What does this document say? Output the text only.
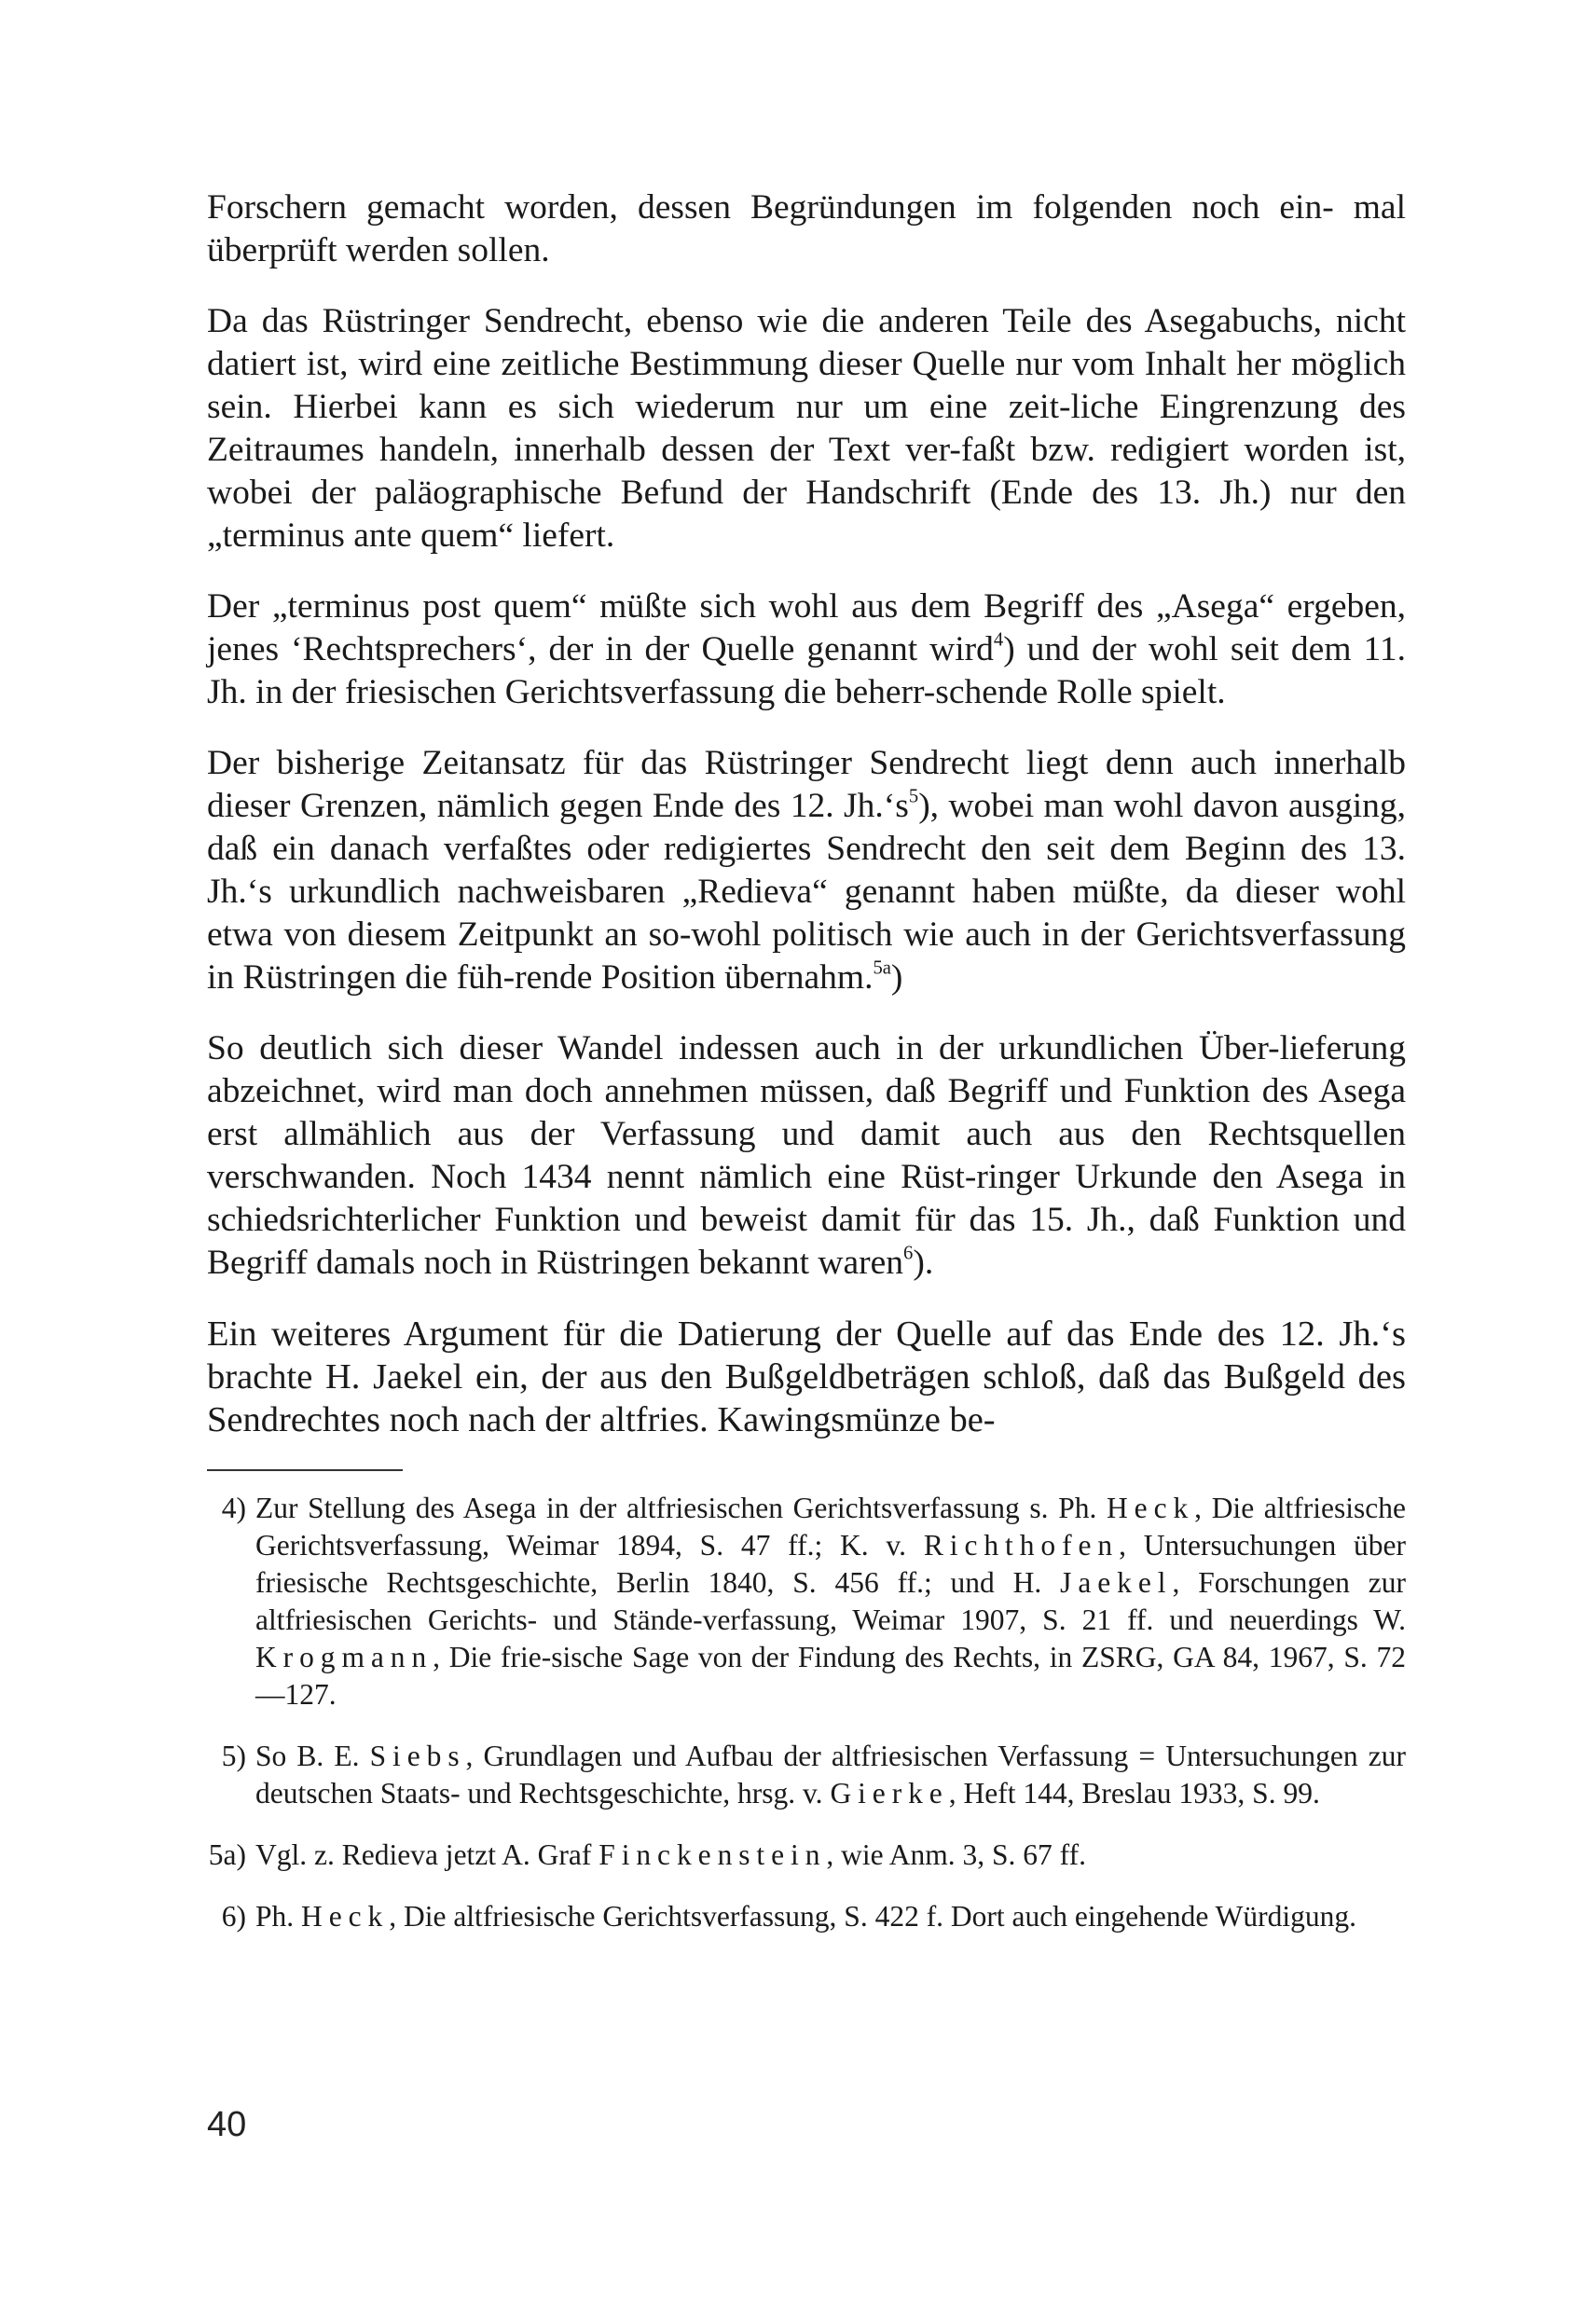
Forschern gemacht worden, dessen Begründungen im folgenden noch ein- mal überprüft werden sollen.

Da das Rüstringer Sendrecht, ebenso wie die anderen Teile des Asegabuchs, nicht datiert ist, wird eine zeitliche Bestimmung dieser Quelle nur vom Inhalt her möglich sein. Hierbei kann es sich wiederum nur um eine zeit-liche Eingrenzung des Zeitraumes handeln, innerhalb dessen der Text ver-faßt bzw. redigiert worden ist, wobei der paläographische Befund der Handschrift (Ende des 13. Jh.) nur den „terminus ante quem“ liefert.

Der „terminus post quem“ müßte sich wohl aus dem Begriff des „Asega“ ergeben, jenes ‘Rechtsprechers‘, der in der Quelle genannt wird$^4$) und der wohl seit dem 11. Jh. in der friesischen Gerichtsverfassung die beherr-schende Rolle spielt.

Der bisherige Zeitansatz für das Rüstringer Sendrecht liegt denn auch innerhalb dieser Grenzen, nämlich gegen Ende des 12. $Jh.‘s^5$), wobei man wohl davon ausging, daß ein danach verfaßtes oder redigiertes Sendrecht den seit dem Beginn des 13. Jh.‘s urkundlich nachweisbaren „Redieva“ genannt haben müßte, da dieser wohl etwa von diesem Zeitpunkt an so-wohl politisch wie auch in der Gerichtsverfassung in Rüstringen die füh-rende Position übernahm.$^{5a}$)

So deutlich sich dieser Wandel indessen auch in der urkundlichen Über-lieferung abzeichnet, wird man doch annehmen müssen, daß Begriff und Funktion des Asega erst allmählich aus der Verfassung und damit auch aus den Rechtsquellen verschwanden. Noch 1434 nennt nämlich eine Rüst-ringer Urkunde den Asega in schiedsrichterlicher Funktion und beweist damit für das 15. Jh., daß Funktion und Begriff damals noch in Rüstringen bekannt waren$^6$).

Ein weiteres Argument für die Datierung der Quelle auf das Ende des 12. Jh.‘s brachte H. Jaekel ein, der aus den Bußgeldbeträgen schloß, daß das Bußgeld des Sendrechtes noch nach der altfries. Kawingsmünze be-

4) Zur Stellung des Asega in der altfriesischen Gerichtsverfassung s. Ph. Heck, Die altfriesische Gerichtsverfassung, Weimar 1894, S. 47 ff.; K. v. Richthofen, Untersuchungen über friesische Rechtsgeschichte, Berlin 1840, S. 456 ff.; und H. Jaekel, Forschungen zur altfriesischen Gerichts- und Stände-verfassung, Weimar 1907, S. 21 ff. und neuerdings W. Krogmann, Die frie-sische Sage von der Findung des Rechts, in ZSRG, GA 84, 1967, S. 72—127.
5) So B. E. Siebs, Grundlagen und Aufbau der altfriesischen Verfassung = Untersuchungen zur deutschen Staats- und Rechtsgeschichte, hrsg. v. Gierke, Heft 144, Breslau 1933, S. 99.
5a) Vgl. z. Redieva jetzt A. Graf Finckenstein, wie Anm. 3, S. 67 ff.
6) Ph. Heck, Die altfriesische Gerichtsverfassung, S. 422 f. Dort auch eingehende Würdigung.
40
